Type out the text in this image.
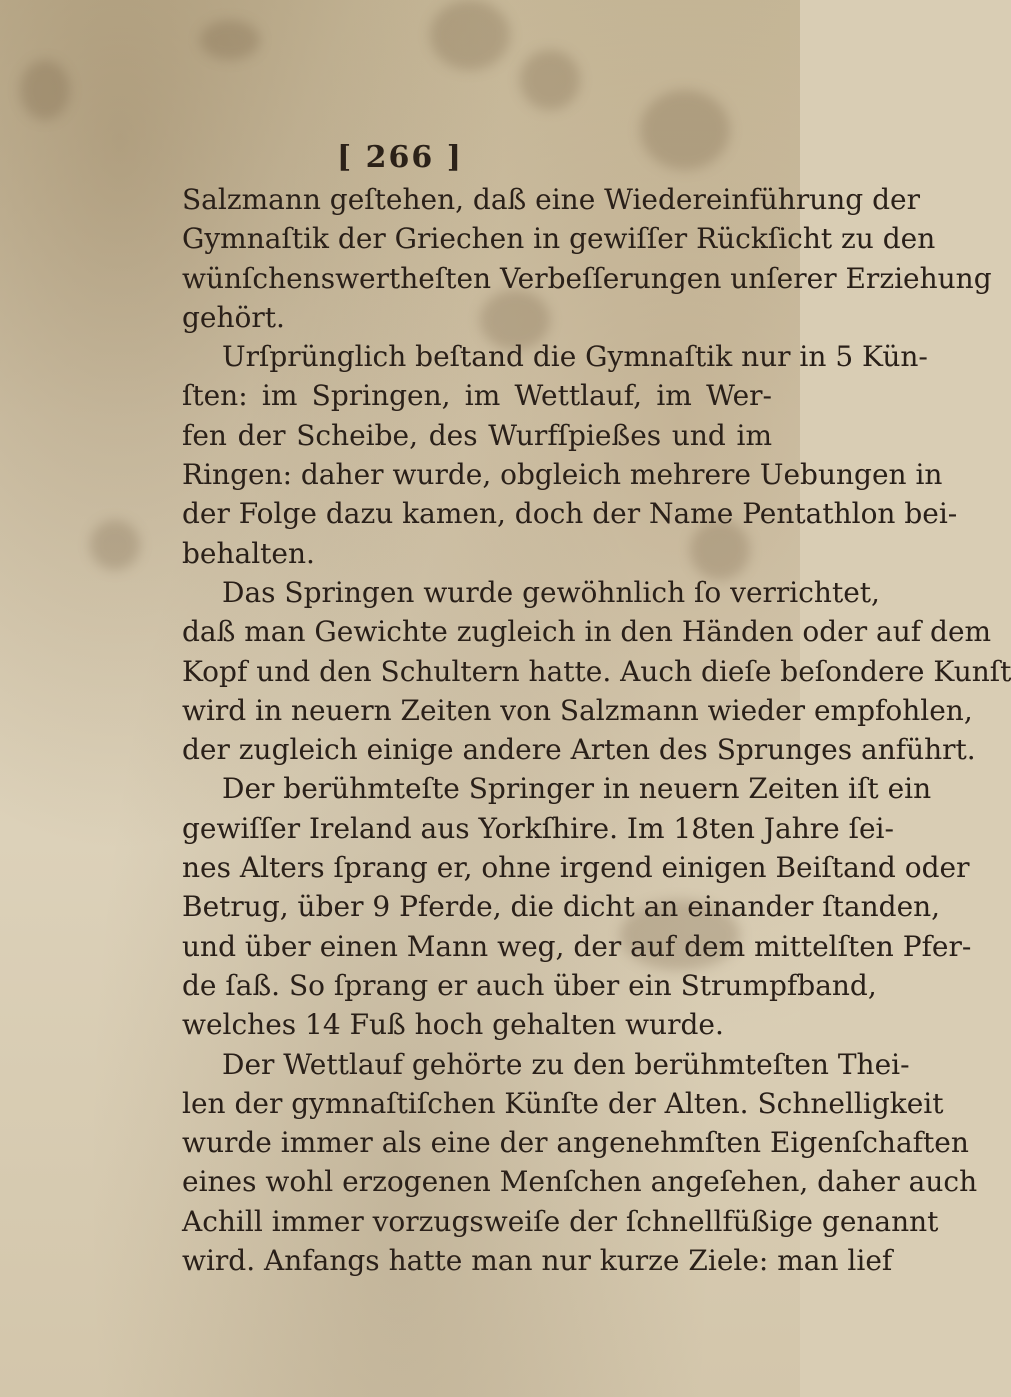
[ 266 ]
Salzmann geſtehen, daß eine Wiedereinführung der
Gymnaſtik der Griechen in gewiſſer Rückſicht zu den
wünſchenswertheſten Verbeſſerungen unſerer Erziehung
gehört.
Urſprünglich beſtand die Gymnaſtik nur in 5 Kün-
ſten: im Springen, im Wettlauf, im Wer-
fen der Scheibe, des Wurfſpießes und im
Ringen: daher wurde, obgleich mehrere Uebungen in
der Folge dazu kamen, doch der Name Pentathlon bei-
behalten.
Das Springen wurde gewöhnlich ſo verrichtet,
daß man Gewichte zugleich in den Händen oder auf dem
Kopf und den Schultern hatte. Auch dieſe beſondere Kunſt
wird in neuern Zeiten von Salzmann wieder empfohlen,
der zugleich einige andere Arten des Sprunges anführt.
Der berühmteſte Springer in neuern Zeiten iſt ein
gewiſſer Ireland aus Yorkſhire. Im 18ten Jahre ſei-
nes Alters ſprang er, ohne irgend einigen Beiſtand oder
Betrug, über 9 Pferde, die dicht an einander ſtanden,
und über einen Mann weg, der auf dem mittelſten Pfer-
de ſaß. So ſprang er auch über ein Strumpfband,
welches 14 Fuß hoch gehalten wurde.
Der Wettlauf gehörte zu den berühmteſten Thei-
len der gymnaſtiſchen Künſte der Alten. Schnelligkeit
wurde immer als eine der angenehmſten Eigenſchaften
eines wohl erzogenen Menſchen angeſehen, daher auch
Achill immer vorzugsweiſe der ſchnellfüßige genannt
wird. Anfangs hatte man nur kurze Ziele: man lief
